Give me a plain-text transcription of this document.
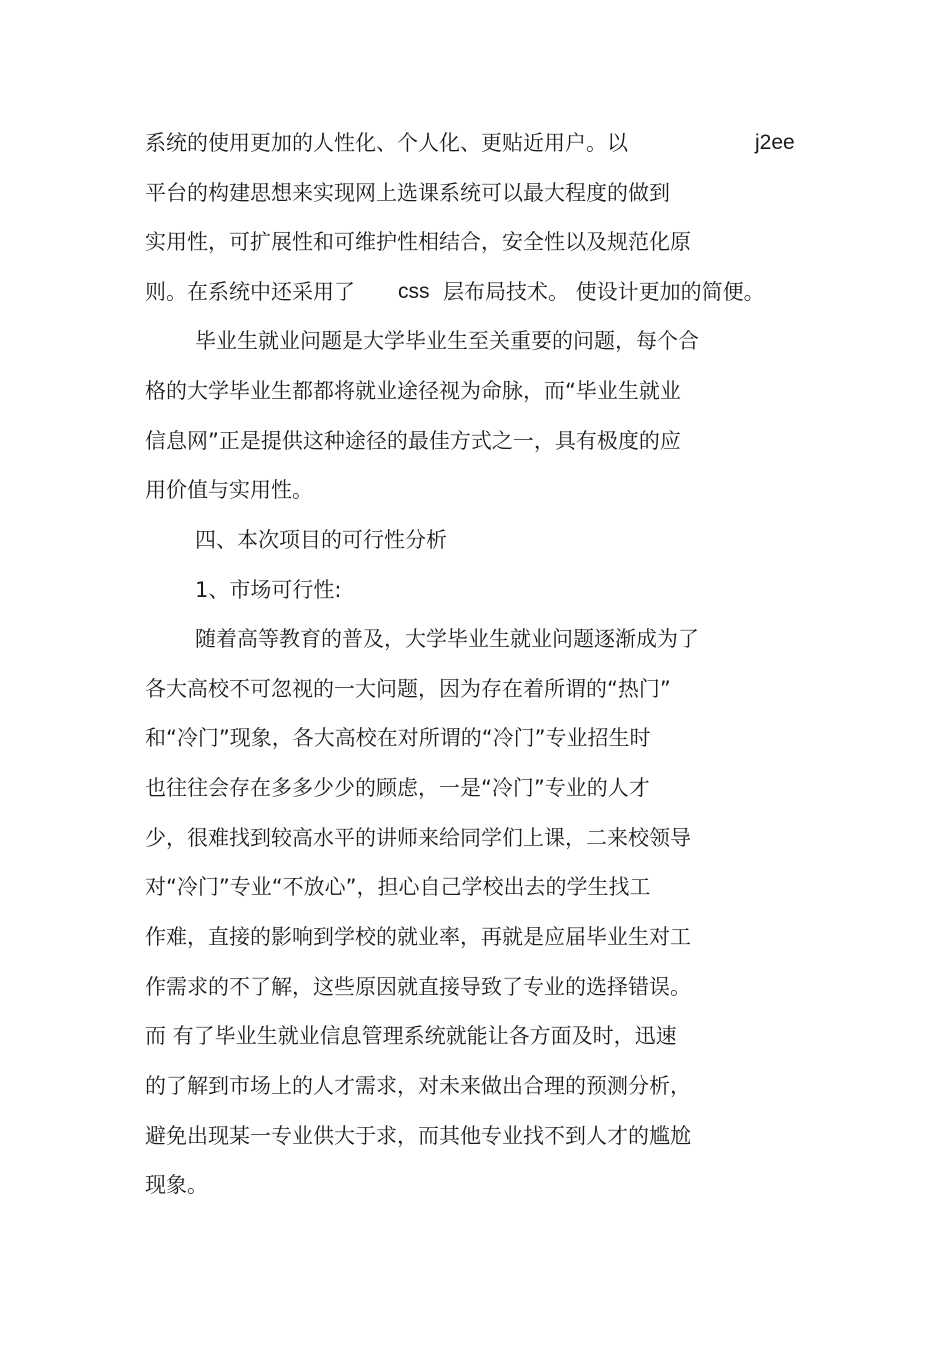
系统的使用更加的人性化、个人化、更贴近用户。以	j2ee
平台的构建思想来实现网上选课系统可以最大程度的做到
实用性，可扩展性和可维护性相结合，安全性以及规范化原
则。在系统中还采用了 css 层布局技术。 使设计更加的简便。
毕业生就业问题是大学毕业生至关重要的问题，每个合
格的大学毕业生都都将就业途径视为命脉，而“毕业生就业
信息网”正是提供这种途径的最佳方式之一，具有极度的应
用价值与实用性。
四、本次项目的可行性分析
1、市场可行性:
随着高等教育的普及，大学毕业生就业问题逐渐成为了
各大高校不可忽视的一大问题，因为存在着所谓的“热门”
和“冷门”现象，各大高校在对所谓的“冷门”专业招生时
也往往会存在多多少少的顾虑，一是“冷门”专业的人才
少，很难找到较高水平的讲师来给同学们上课，二来校领导
对“冷门”专业“不放心”，担心自己学校出去的学生找工
作难，直接的影响到学校的就业率，再就是应届毕业生对工
作需求的不了解，这些原因就直接导致了专业的选择错误。
而 有了毕业生就业信息管理系统就能让各方面及时，迅速
的了解到市场上的人才需求，对未来做出合理的预测分析，
避免出现某一专业供大于求，而其他专业找不到人才的尴尬
现象。
